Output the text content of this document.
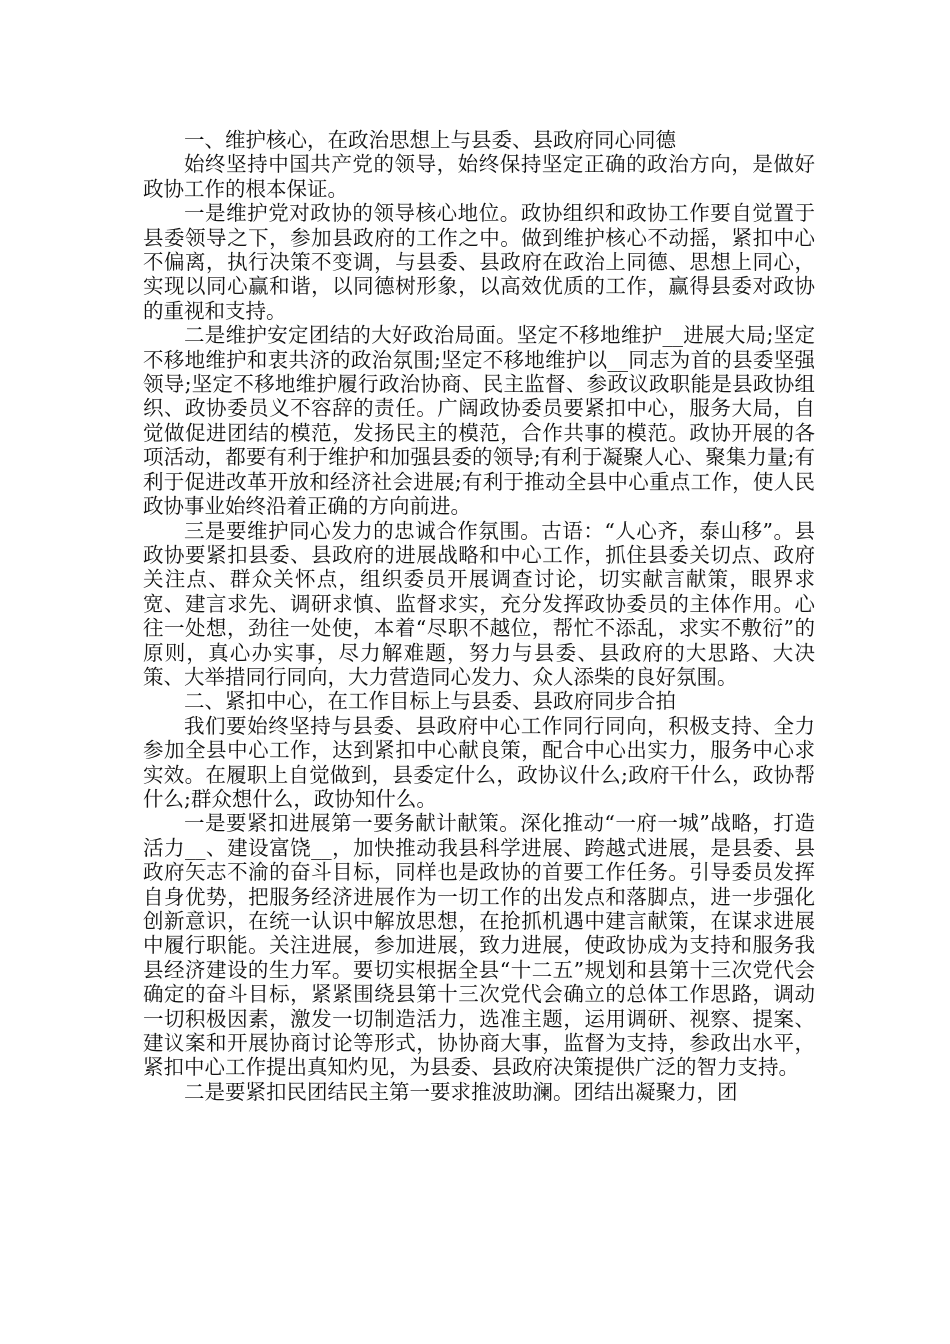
一、维护核心，在政治思想上与县委、县政府同心同德

始终坚持中国共产党的领导，始终保持坚定正确的政治方向，是做好政协工作的根本保证。

一是维护党对政协的领导核心地位。政协组织和政协工作要自觉置于县委领导之下，参加县政府的工作之中。做到维护核心不动摇，紧扣中心不偏离，执行决策不变调，与县委、县政府在政治上同德、思想上同心，实现以同心赢和谐，以同德树形象，以高效优质的工作，赢得县委对政协的重视和支持。

二是维护安定团结的大好政治局面。坚定不移地维护__进展大局;坚定不移地维护和衷共济的政治氛围;坚定不移地维护以__同志为首的县委坚强领导;坚定不移地维护履行政治协商、民主监督、参政议政职能是县政协组织、政协委员义不容辞的责任。广阔政协委员要紧扣中心，服务大局，自觉做促进团结的模范，发扬民主的模范，合作共事的模范。政协开展的各项活动，都要有利于维护和加强县委的领导;有利于凝聚人心、聚集力量;有利于促进改革开放和经济社会进展;有利于推动全县中心重点工作，使人民政协事业始终沿着正确的方向前进。

三是要维护同心发力的忠诚合作氛围。古语：“人心齐，泰山移”。县政协要紧扣县委、县政府的进展战略和中心工作，抓住县委关切点、政府关注点、群众关怀点，组织委员开展调查讨论，切实献言献策，眼界求宽、建言求先、调研求慎、监督求实，充分发挥政协委员的主体作用。心往一处想，劲往一处使，本着“尽职不越位，帮忙不添乱，求实不敷衍”的原则，真心办实事，尽力解难题，努力与县委、县政府的大思路、大决策、大举措同行同向，大力营造同心发力、众人添柴的良好氛围。

二、紧扣中心，在工作目标上与县委、县政府同步合拍

我们要始终坚持与县委、县政府中心工作同行同向，积极支持、全力参加全县中心工作，达到紧扣中心献良策，配合中心出实力，服务中心求实效。在履职上自觉做到，县委定什么，政协议什么;政府干什么，政协帮什么;群众想什么，政协知什么。

一是要紧扣进展第一要务献计献策。深化推动“一府一城”战略，打造活力__、建设富饶__，加快推动我县科学进展、跨越式进展，是县委、县政府矢志不渝的奋斗目标，同样也是政协的首要工作任务。引导委员发挥自身优势，把服务经济进展作为一切工作的出发点和落脚点，进一步强化创新意识，在统一认识中解放思想，在抢抓机遇中建言献策，在谋求进展中履行职能。关注进展，参加进展，致力进展，使政协成为支持和服务我县经济建设的生力军。要切实根据全县“十二五”规划和县第十三次党代会确定的奋斗目标，紧紧围绕县第十三次党代会确立的总体工作思路，调动一切积极因素，激发一切制造活力，选准主题，运用调研、视察、提案、建议案和开展协商讨论等形式，协协商大事，监督为支持，参政出水平，紧扣中心工作提出真知灼见，为县委、县政府决策提供广泛的智力支持。

二是要紧扣民团结民主第一要求推波助澜。团结出凝聚力，团
